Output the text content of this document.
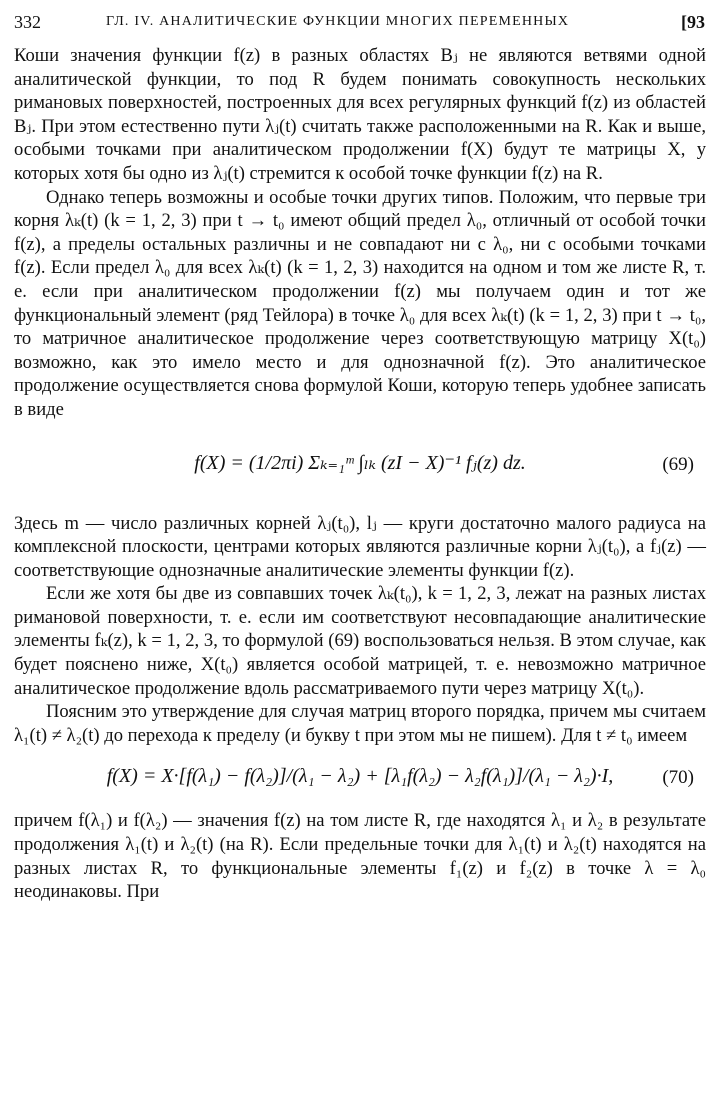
332	ГЛ. IV. АНАЛИТИЧЕСКИЕ ФУНКЦИИ МНОГИХ ПЕРЕМЕННЫХ	[93

Коши значения функции f(z) в разных областях Bⱼ не являются ветвями одной аналитической функции, то под R будем понимать совокупность нескольких римановых поверхностей, построенных для всех регулярных функций f(z) из областей Bⱼ. При этом естественно пути λⱼ(t) считать также расположенными на R. Как и выше, особыми точками при аналитическом продолжении f(X) будут те матрицы X, у которых хотя бы одно из λⱼ(t) стремится к особой точке функции f(z) на R.

Однако теперь возможны и особые точки других типов. Положим, что первые три корня λₖ(t) (k = 1, 2, 3) при t → t₀ имеют общий предел λ₀, отличный от особой точки f(z), а пределы остальных различны и не совпадают ни с λ₀, ни с особыми точками f(z). Если предел λ₀ для всех λₖ(t) (k = 1, 2, 3) находится на одном и том же листе R, т. е. если при аналитическом продолжении f(z) мы получаем один и тот же функциональный элемент (ряд Тейлора) в точке λ₀ для всех λₖ(t) (k = 1, 2, 3) при t → t₀, то матричное аналитическое продолжение через соответствующую матрицу X(t₀) возможно, как это имело место и для однозначной f(z). Это аналитическое продолжение осуществляется снова формулой Коши, которую теперь удобнее записать в виде

f(X) = (1/2πi) Σₖ₌₁ᵐ ∫ₗₖ (zI − X)⁻¹ fⱼ(z) dz.	(69)

Здесь m — число различных корней λⱼ(t₀), lⱼ — круги достаточно малого радиуса на комплексной плоскости, центрами которых являются различные корни λⱼ(t₀), а fⱼ(z) — соответствующие однозначные аналитические элементы функции f(z).

Если же хотя бы две из совпавших точек λₖ(t₀), k = 1, 2, 3, лежат на разных листах римановой поверхности, т. е. если им соответствуют несовпадающие аналитические элементы fₖ(z), k = 1, 2, 3, то формулой (69) воспользоваться нельзя. В этом случае, как будет пояснено ниже, X(t₀) является особой матрицей, т. е. невозможно матричное аналитическое продолжение вдоль рассматриваемого пути через матрицу X(t₀).

Поясним это утверждение для случая матриц второго порядка, причем мы считаем λ₁(t) ≠ λ₂(t) до перехода к пределу (и букву t при этом мы не пишем). Для t ≠ t₀ имеем

f(X) = X·[f(λ₁) − f(λ₂)]/(λ₁ − λ₂) + [λ₁f(λ₂) − λ₂f(λ₁)]/(λ₁ − λ₂)·I,	(70)

причем f(λ₁) и f(λ₂) — значения f(z) на том листе R, где находятся λ₁ и λ₂ в результате продолжения λ₁(t) и λ₂(t) (на R). Если предельные точки для λ₁(t) и λ₂(t) находятся на разных листах R, то функциональные элементы f₁(z) и f₂(z) в точке λ = λ₀ неодинаковы. При
